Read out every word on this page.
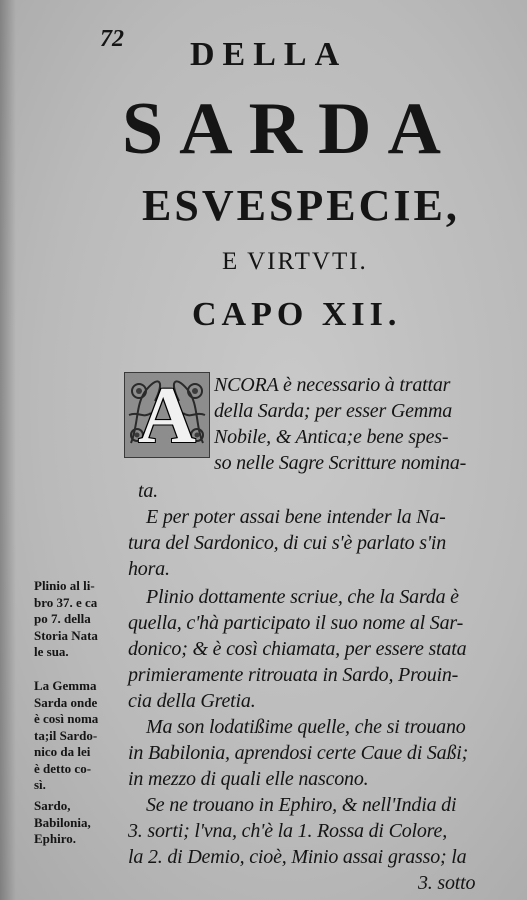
72 DELLA
SARDA
ESVESPECIE,
E VIRTVTI.
CAPO XII.
A NCORA è necessario à trattar
della Sarda; per esser Gemma
Nobile, & Antica;e bene spes-
so nelle Sagre Scritture nomina-
ta.
E per poter assai bene intender la Na-
tura del Sardonico, di cui s'è parlato s'in
hora.
Plinio dottamente scriue, che la Sarda è
quella, c'hà participato il suo nome al Sar-
donico; & è così chiamata, per essere stata
primieramente ritrouata in Sardo, Prouin-
cia della Gretia.
Ma son lodatißime quelle, che si trouano
in Babilonia, aprendosi certe Caue di Saßi;
in mezzo di quali elle nascono.
Se ne trouano in Ephiro, & nell'India di
3. sorti; l'vna, ch'è la 1. Rossa di Colore,
la 2. di Demio, cioè, Minio assai grasso; la
3. sotto
Plinio al li-
bro 37. e ca
po 7. della
Storia Nata
le sua.
La Gemma
Sarda onde
è così noma
ta;il Sardo-
nico da lei
è detto co-
sì.
Sardo,
Babilonia,
Ephiro.
